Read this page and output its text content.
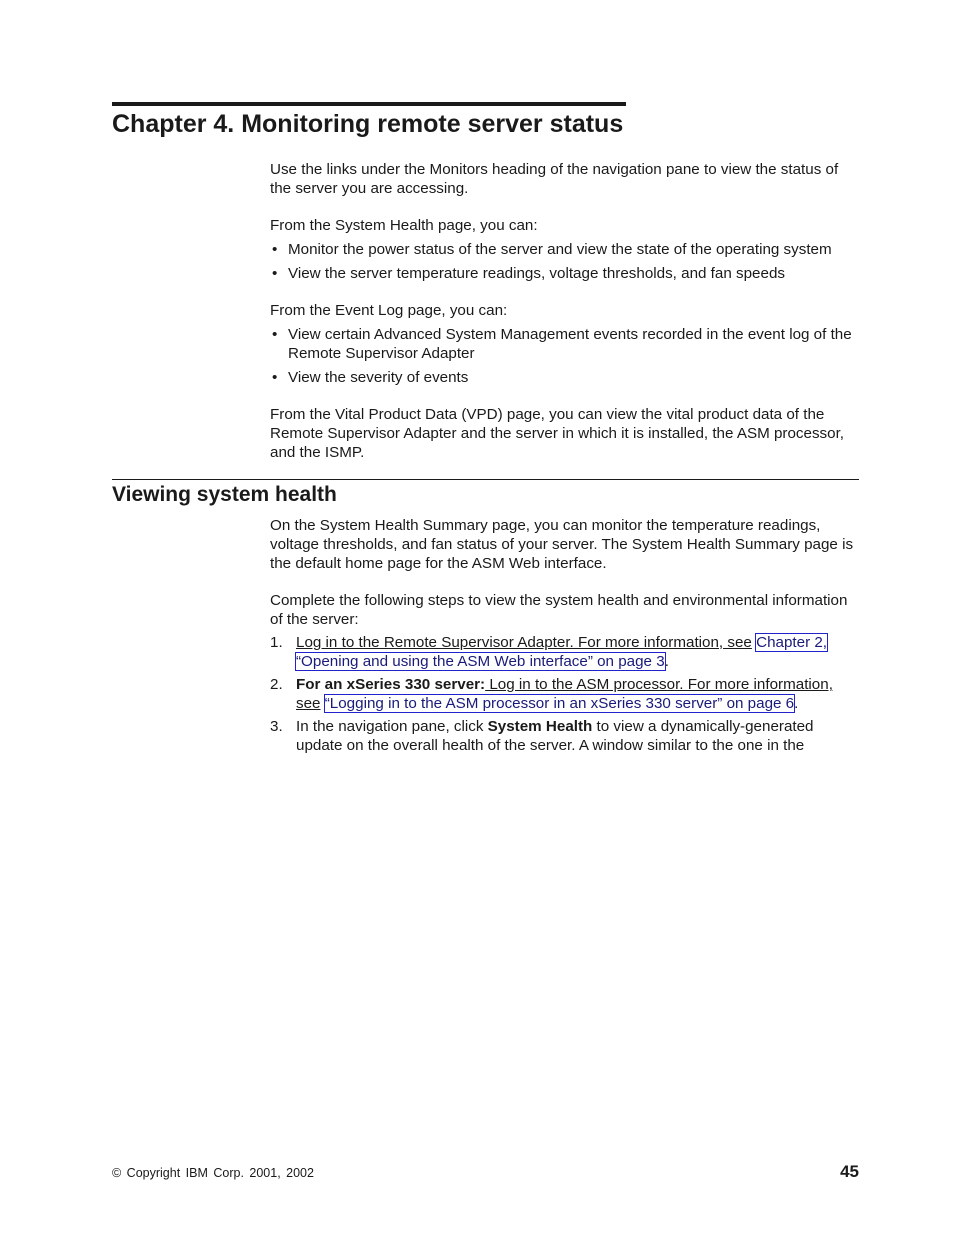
Chapter 4. Monitoring remote server status

Use the links under the Monitors heading of the navigation pane to view the status of the server you are accessing.

From the System Health page, you can:

• Monitor the power status of the server and view the state of the operating system
• View the server temperature readings, voltage thresholds, and fan speeds

From the Event Log page, you can:

• View certain Advanced System Management events recorded in the event log of the Remote Supervisor Adapter
• View the severity of events

From the Vital Product Data (VPD) page, you can view the vital product data of the Remote Supervisor Adapter and the server in which it is installed, the ASM processor, and the ISMP.

Viewing system health

On the System Health Summary page, you can monitor the temperature readings, voltage thresholds, and fan status of your server. The System Health Summary page is the default home page for the ASM Web interface.

Complete the following steps to view the system health and environmental information of the server:

1. Log in to the Remote Supervisor Adapter. For more information, see Chapter 2, “Opening and using the ASM Web interface” on page 3.
2. For an xSeries 330 server: Log in to the ASM processor. For more information, see “Logging in to the ASM processor in an xSeries 330 server” on page 6.
3. In the navigation pane, click System Health to view a dynamically-generated update on the overall health of the server. A window similar to the one in the
© Copyright IBM Corp. 2001, 2002	45
